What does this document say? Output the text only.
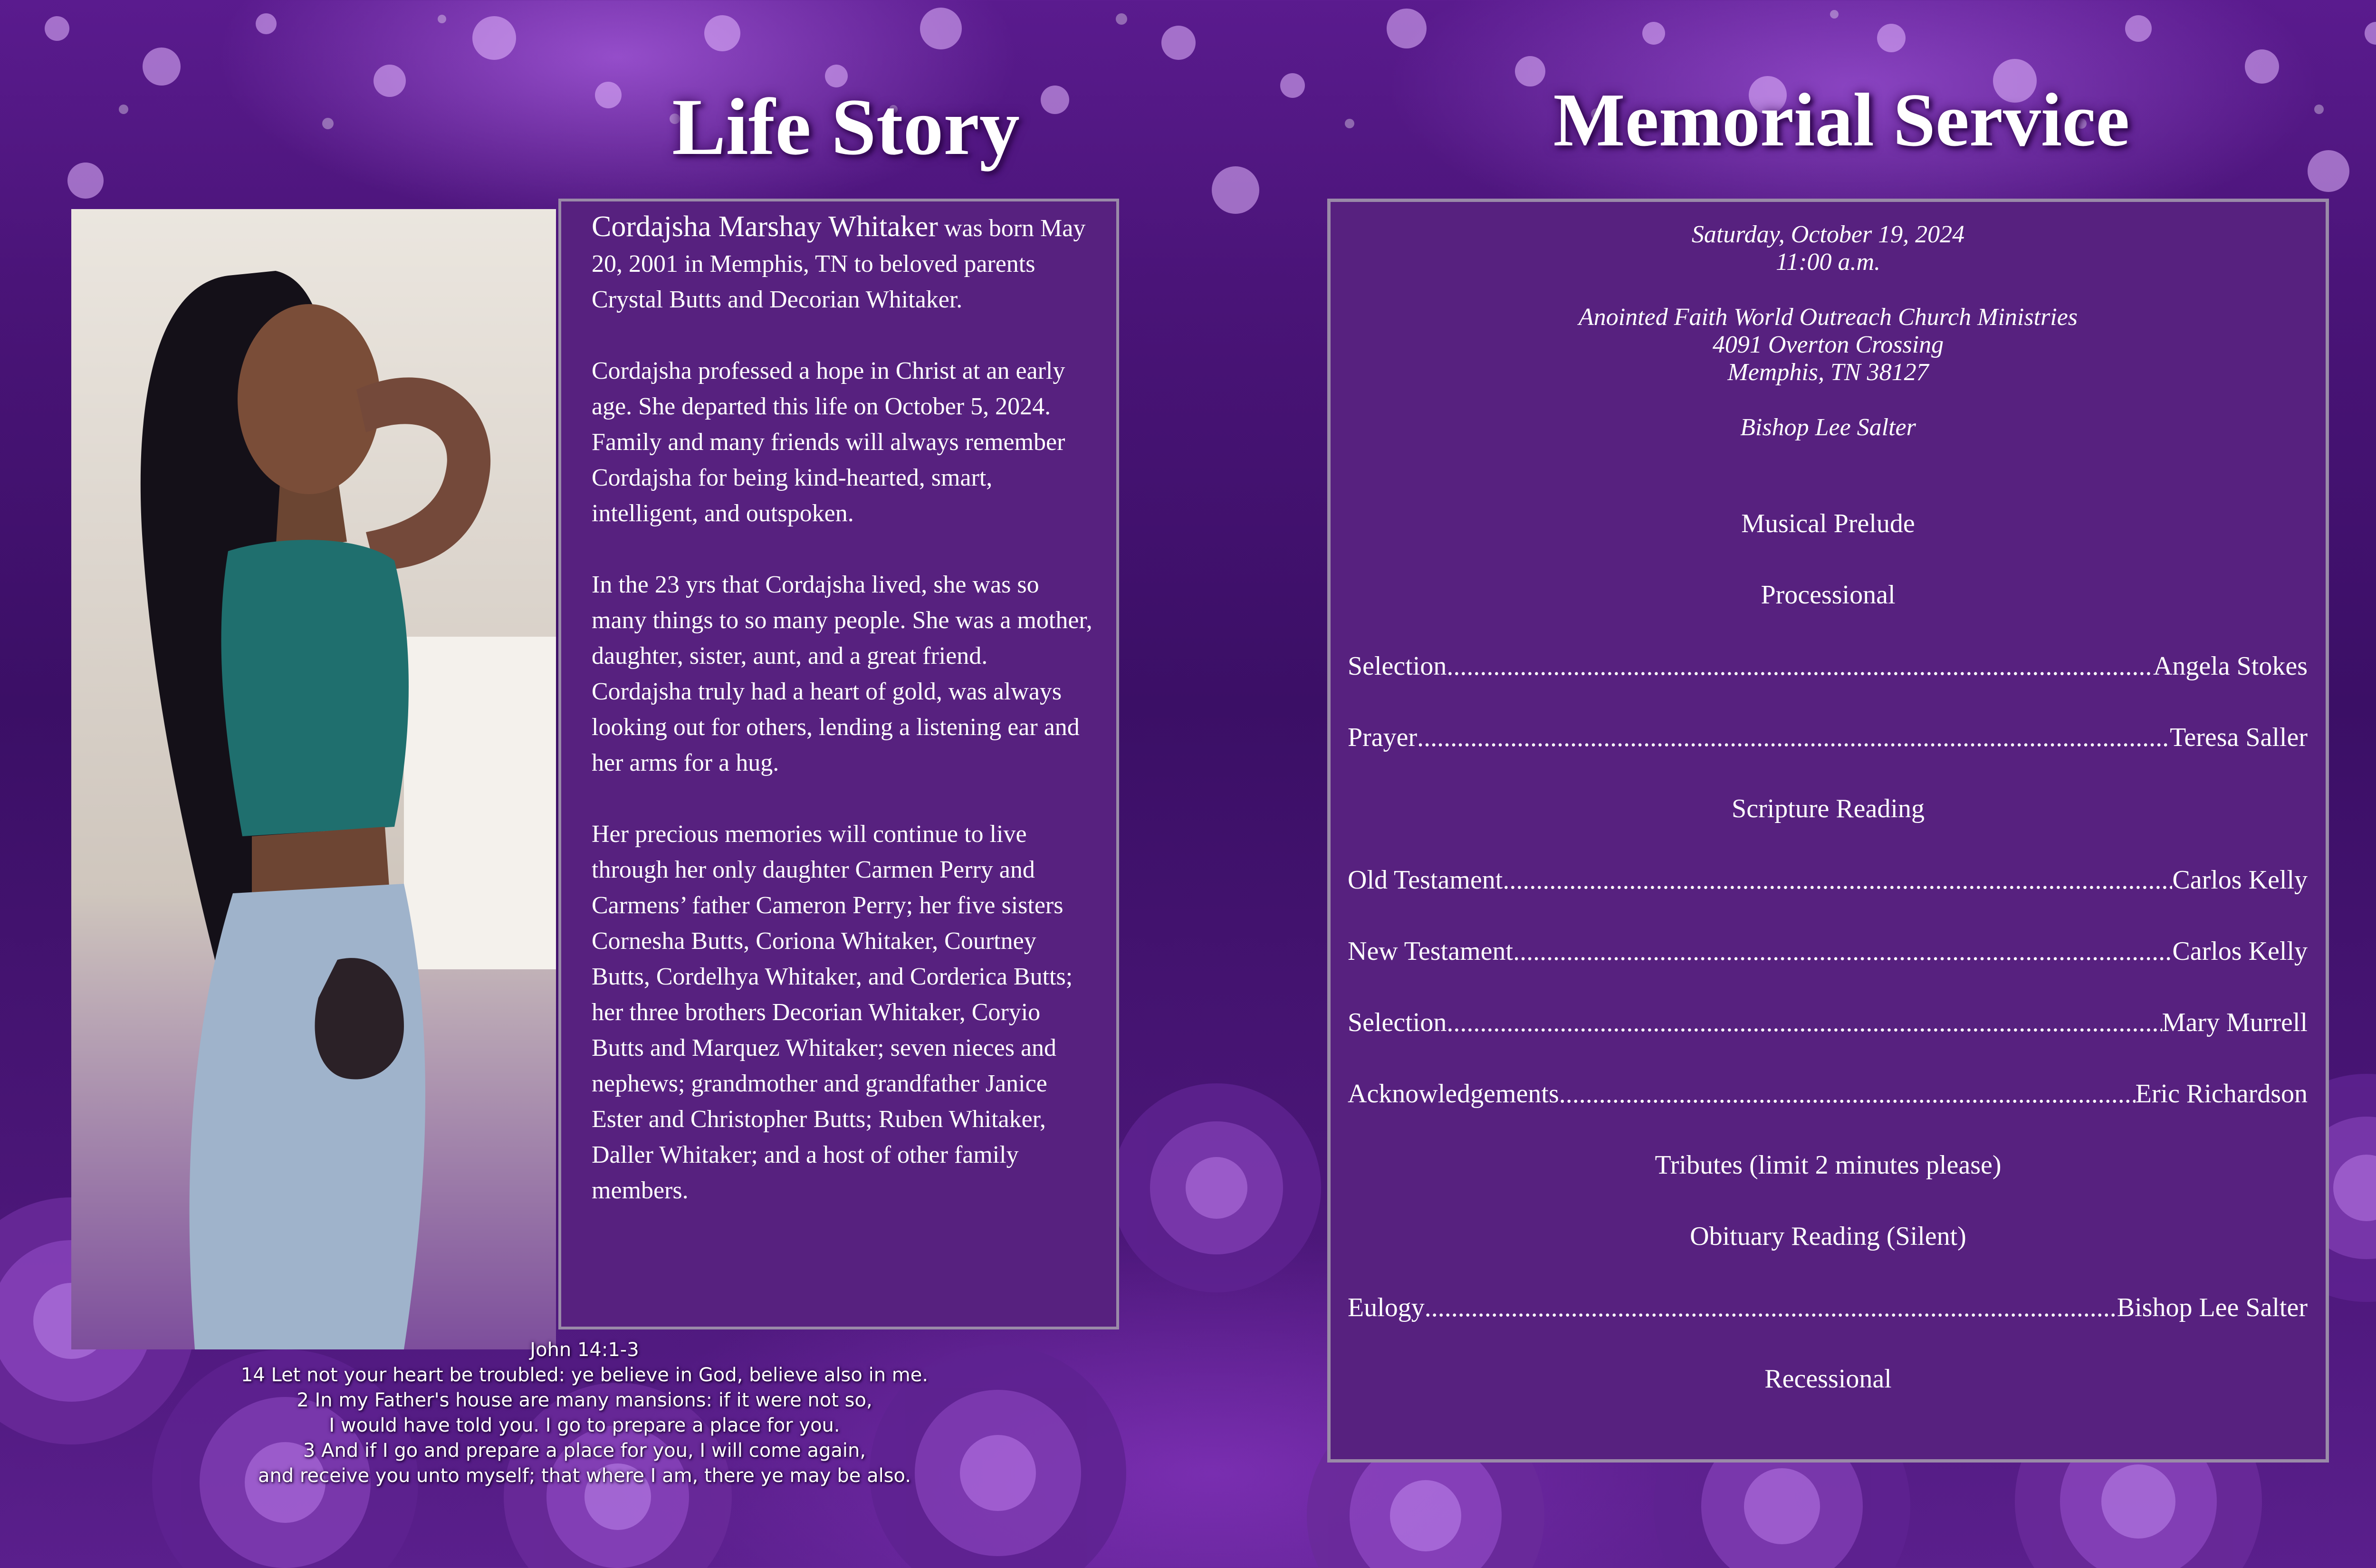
Life Story	Memorial Service

Cordajsha Marshay Whitaker was born May 20, 2001 in Memphis, TN to beloved parents Crystal Butts and Decorian Whitaker.

Cordajsha professed a hope in Christ at an early age. She departed this life on October 5, 2024. Family and many friends will always remember Cordajsha for being kind-hearted, smart, intelligent, and outspoken.

In the 23 yrs that Cordajsha lived, she was so many things to so many people. She was a mother, daughter, sister, aunt, and a great friend. Cordajsha truly had a heart of gold, was always looking out for others, lending a listening ear and her arms for a hug.

Her precious memories will continue to live through her only daughter Carmen Perry and Carmens’ father Cameron Perry; her five sisters Cornesha Butts, Coriona Whitaker, Courtney Butts, Cordelhya Whitaker, and Corderica Butts; her three brothers Decorian Whitaker, Coryio Butts and Marquez Whitaker; seven nieces and nephews; grandmother and grandfather Janice Ester and Christopher Butts; Ruben Whitaker, Daller Whitaker; and a host of other family members.

John 14:1-3
14 Let not your heart be troubled: ye believe in God, believe also in me.
2 In my Father's house are many mansions: if it were not so,
I would have told you. I go to prepare a place for you.
3 And if I go and prepare a place for you, I will come again,
and receive you unto myself; that where I am, there ye may be also.
Saturday, October 19, 2024
11:00 a.m.
Anointed Faith World Outreach Church Ministries
4091 Overton Crossing
Memphis, TN 38127
Bishop Lee Salter
Musical Prelude
Processional
Selection .....	Angela Stokes
Prayer .....	Teresa Saller
Scripture Reading
Old Testament .....	Carlos Kelly
New Testament .....	Carlos Kelly
Selection .....	Mary Murrell
Acknowledgements .....	Eric Richardson
Tributes (limit 2 minutes please)
Obituary Reading (Silent)
Eulogy .....	Bishop Lee Salter
Recessional
